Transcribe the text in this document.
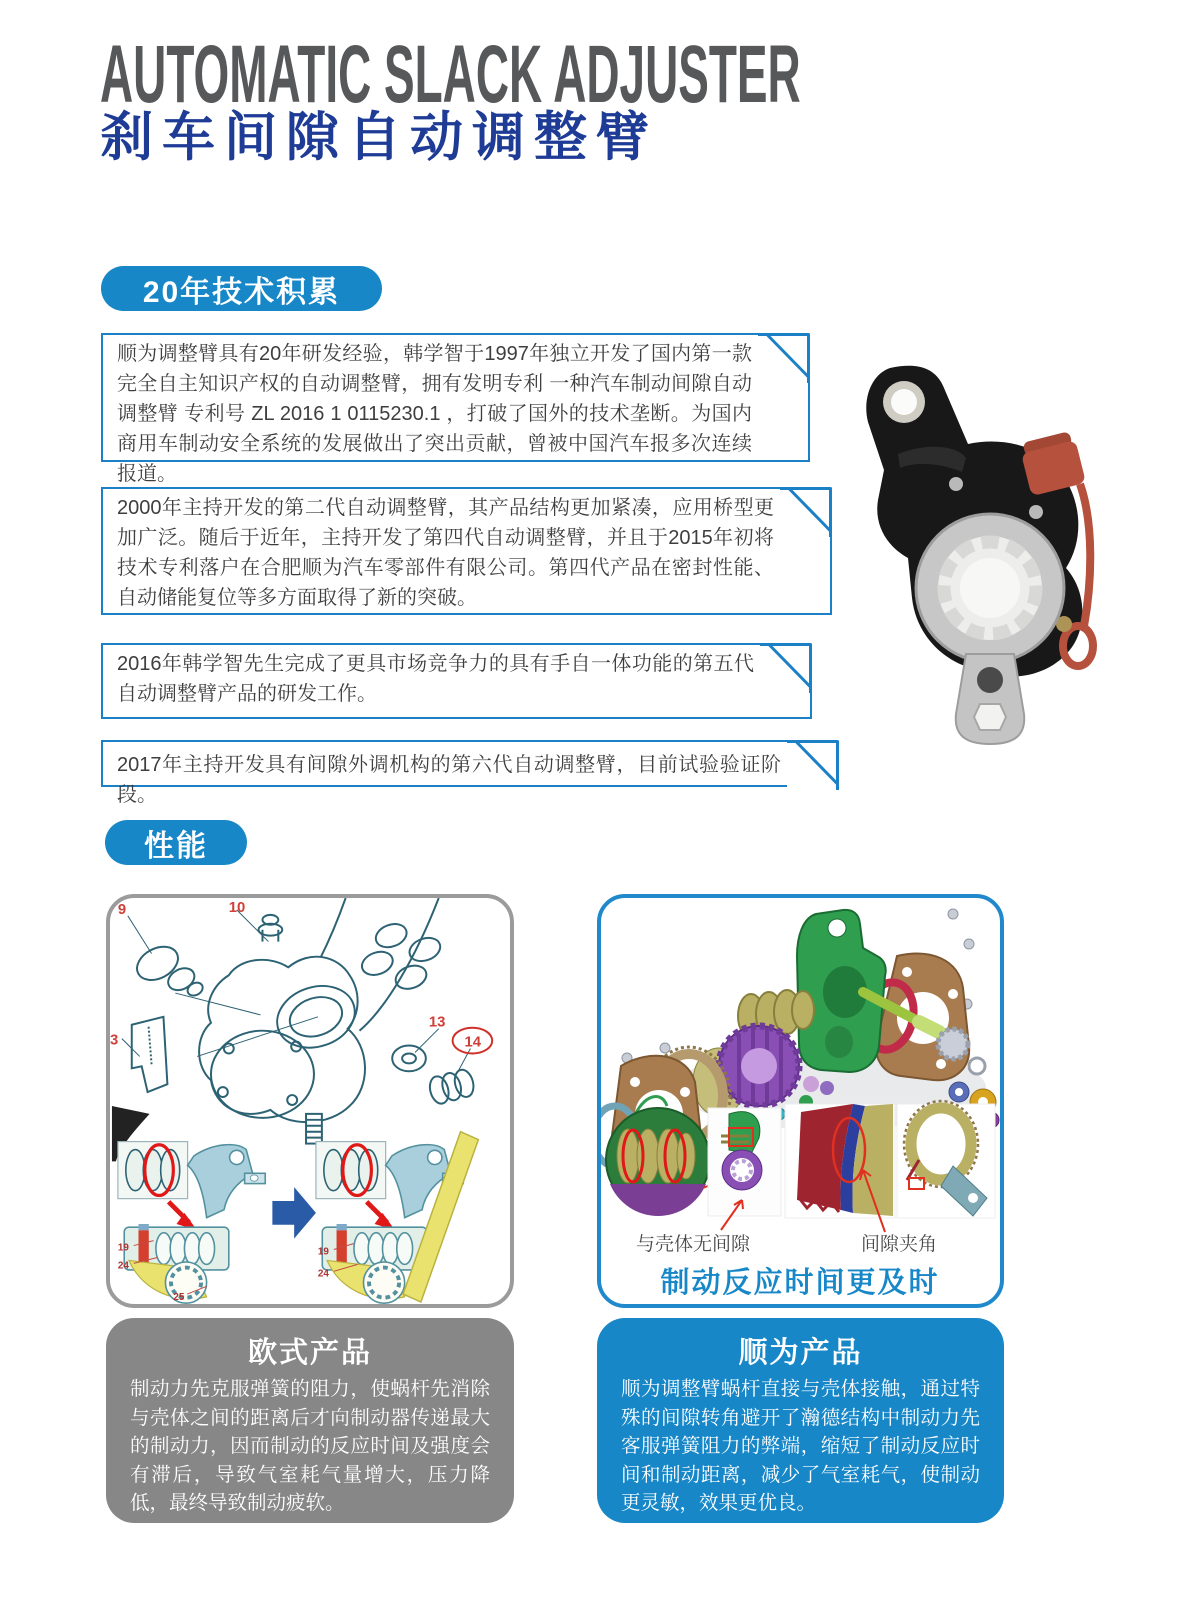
AUTOMATIC SLACK ADJUSTER
刹车间隙自动调整臂
20年技术积累
顺为调整臂具有20年研发经验，韩学智于1997年独立开发了国内第一款完全自主知识产权的自动调整臂，拥有发明专利 一种汽车制动间隙自动调整臂 专利号 ZL 2016 1 0115230.1 ，打破了国外的技术垄断。为国内商用车制动安全系统的发展做出了突出贡献，曾被中国汽车报多次连续报道。
2000年主持开发的第二代自动调整臂，其产品结构更加紧凑，应用桥型更加广泛。随后于近年，主持开发了第四代自动调整臂，并且于2015年初将技术专利落户在合肥顺为汽车零部件有限公司。第四代产品在密封性能、自动储能复位等多方面取得了新的突破。
2016年韩学智先生完成了更具市场竞争力的具有手自一体功能的第五代自动调整臂产品的研发工作。
2017年主持开发具有间隙外调机构的第六代自动调整臂，目前试验验证阶段。
性能
9	10
13
14
3
19
24
25
19
24
与壳体无间隙	间隙夹角
制动反应时间更及时
欧式产品
制动力先克服弹簧的阻力，使蜗杆先消除与壳体之间的距离后才向制动器传递最大的制动力，因而制动的反应时间及强度会有滞后，导致气室耗气量增大，压力降低，最终导致制动疲软。
顺为产品
顺为调整臂蜗杆直接与壳体接触，通过特殊的间隙转角避开了瀚德结构中制动力先客服弹簧阻力的弊端，缩短了制动反应时间和制动距离，减少了气室耗气，使制动更灵敏，效果更优良。
